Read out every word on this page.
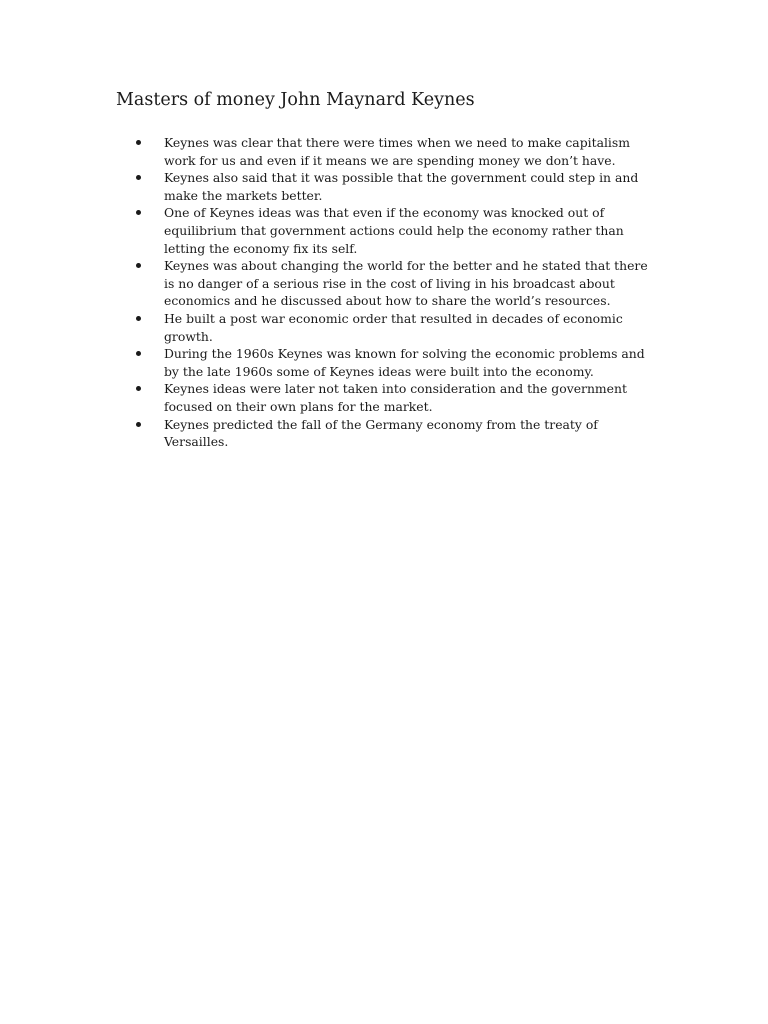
Masters of money John Maynard Keynes
Keynes was clear that there were times when we need to make capitalism work for us and even if it means we are spending money we don’t have.
Keynes also said that it was possible that the government could step in and make the markets better.
One of Keynes ideas was that even if the economy was knocked out of equilibrium that government actions could help the economy rather than letting the economy fix its self.
Keynes was about changing the world for the better and he stated that there is no danger of a serious rise in the cost of living in his broadcast about economics and he discussed about how to share the world’s resources.
He built a post war economic order that resulted in decades of economic growth.
During the 1960s Keynes was known for solving the economic problems and by the late 1960s some of Keynes ideas were built into the economy.
Keynes ideas were later not taken into consideration and the government focused on their own plans for the market.
Keynes predicted the fall of the Germany economy from the treaty of Versailles.
